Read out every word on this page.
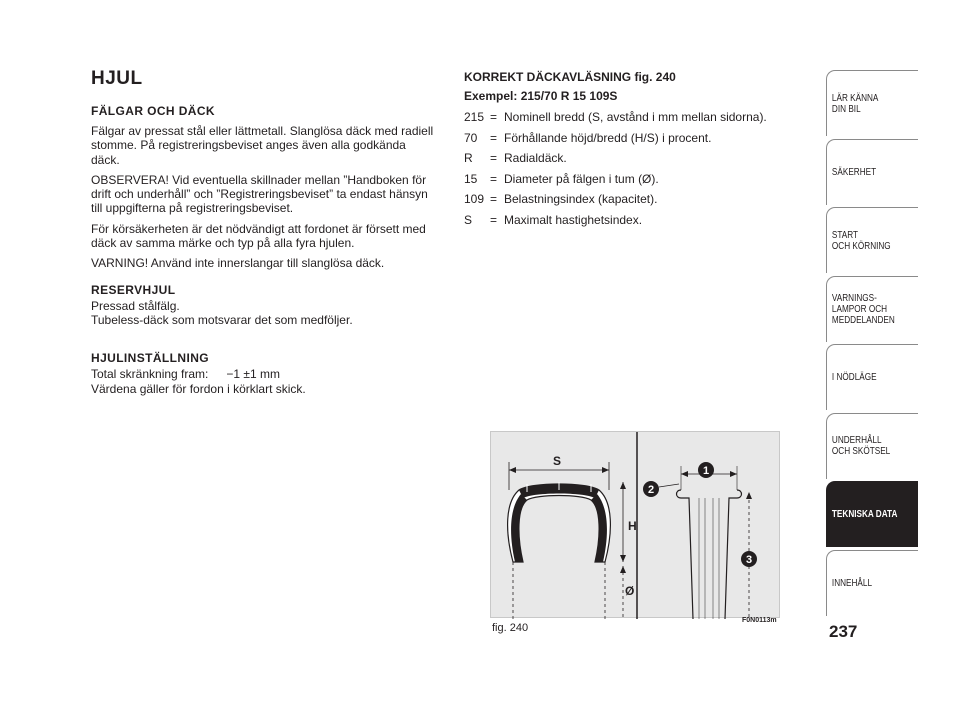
HJUL
FÄLGAR OCH DÄCK

Fälgar av pressat stål eller lättmetall. Slanglösa däck med radiell stomme. På registreringsbeviset anges även alla godkända däck.

OBSERVERA! Vid eventuella skillnader mellan ”Handboken för drift och underhåll” och ”Registreringsbeviset” ta endast hänsyn till uppgifterna på registreringsbeviset.

För körsäkerheten är det nödvändigt att fordonet är försett med däck av samma märke och typ på alla fyra hjulen.

VARNING! Använd inte innerslangar till slanglösa däck.

RESERVHJUL
Pressad stålfälg.
Tubeless-däck som motsvarar det som medföljer.
HJULINSTÄLLNING
Total skränkning fram: −1 ±1 mm
Värdena gäller för fordon i körklart skick.
KORREKT DÄCKAVLÄSNING fig. 240
Exempel: 215/70 R 15 109S
215 = Nominell bredd (S, avstånd i mm mellan sidorna).
70	= Förhållande höjd/bredd (H/S) i procent.
R	= Radialdäck.
15	= Diameter på fälgen i tum (Ø).
109 = Belastningsindex (kapacitet).
S	= Maximalt hastighetsindex.
S
H
Ø
1
2
3
fig. 240
F0N0113m
LÄR KÄNNA
DIN BIL
SÄKERHET
START
OCH KÖRNING
VARNINGS-
LAMPOR OCH
MEDDELANDEN
I NÖDLÄGE
UNDERHÅLL
OCH SKÖTSEL
TEKNISKA DATA
INNEHÅLL
237
